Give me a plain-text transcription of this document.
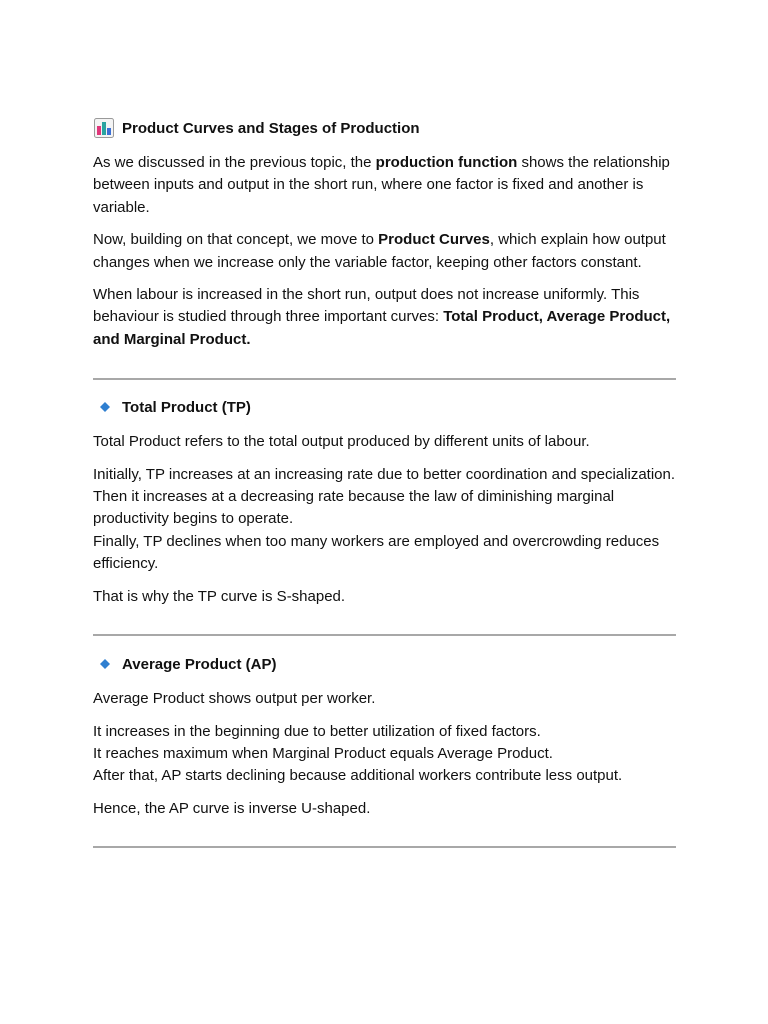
Product Curves and Stages of Production

As we discussed in the previous topic, the production function shows the relationship between inputs and output in the short run, where one factor is fixed and another is variable.

Now, building on that concept, we move to Product Curves, which explain how output changes when we increase only the variable factor, keeping other factors constant.

When labour is increased in the short run, output does not increase uniformly. This behaviour is studied through three important curves: Total Product, Average Product, and Marginal Product.

Total Product (TP)

Total Product refers to the total output produced by different units of labour.

Initially, TP increases at an increasing rate due to better coordination and specialization.
Then it increases at a decreasing rate because the law of diminishing marginal productivity begins to operate.
Finally, TP declines when too many workers are employed and overcrowding reduces efficiency.

That is why the TP curve is S-shaped.

Average Product (AP)

Average Product shows output per worker.

It increases in the beginning due to better utilization of fixed factors.
It reaches maximum when Marginal Product equals Average Product.
After that, AP starts declining because additional workers contribute less output.

Hence, the AP curve is inverse U-shaped.
